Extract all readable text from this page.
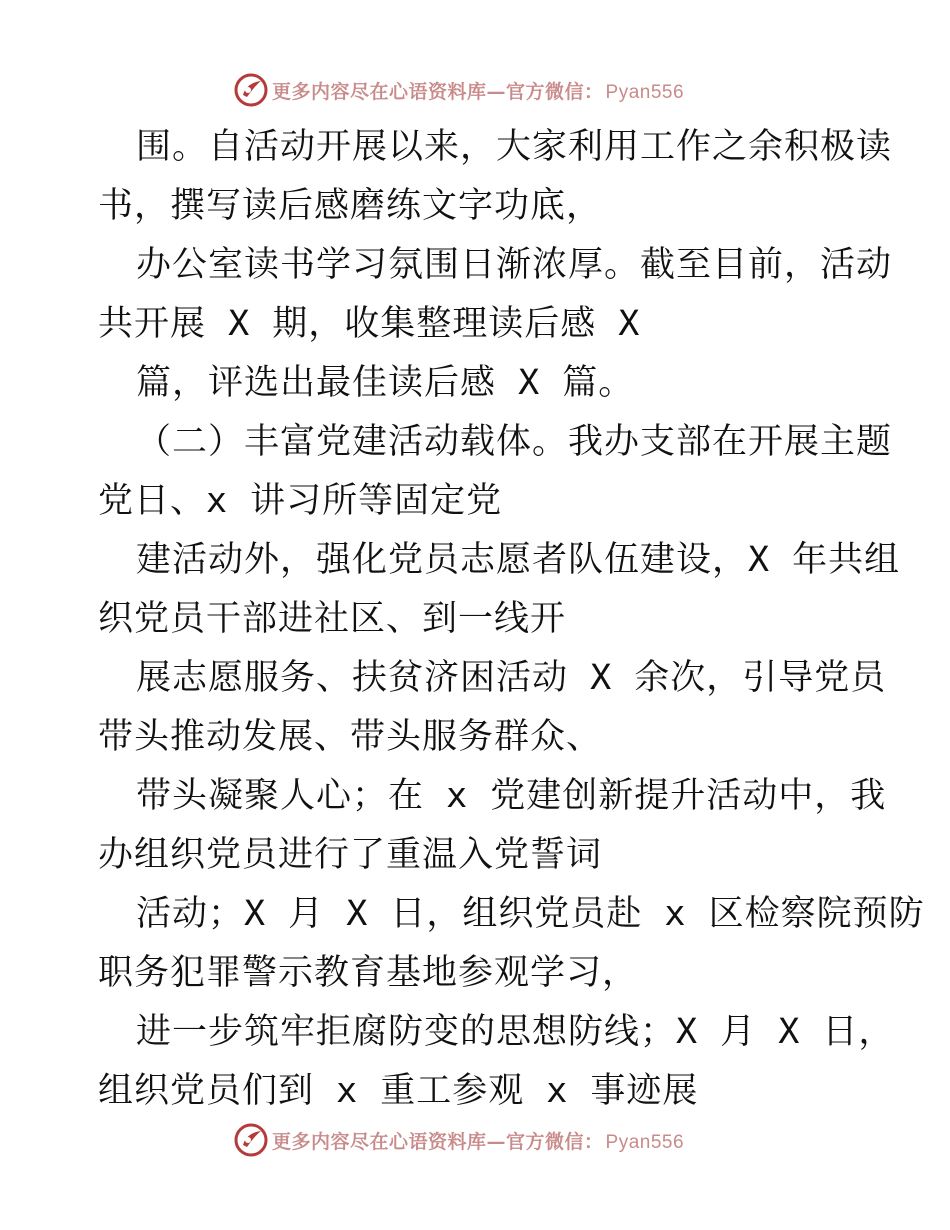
更多内容尽在心语资料库—官方微信： Pyan556
围。自活动开展以来，大家利用工作之余积极读
书，撰写读后感磨练文字功底，
办公室读书学习氛围日渐浓厚。截至目前，活动
共开展 X 期，收集整理读后感 X
篇，评选出最佳读后感 X 篇。
（二）丰富党建活动载体。我办支部在开展主题
党日、x 讲习所等固定党
建活动外，强化党员志愿者队伍建设，X 年共组
织党员干部进社区、到一线开
展志愿服务、扶贫济困活动 X 余次，引导党员
带头推动发展、带头服务群众、
带头凝聚人心；在 x 党建创新提升活动中，我
办组织党员进行了重温入党誓词
活动；X 月 X 日，组织党员赴 x 区检察院预防
职务犯罪警示教育基地参观学习，
进一步筑牢拒腐防变的思想防线；X 月 X 日，
组织党员们到 x 重工参观 x 事迹展
更多内容尽在心语资料库—官方微信： Pyan556
